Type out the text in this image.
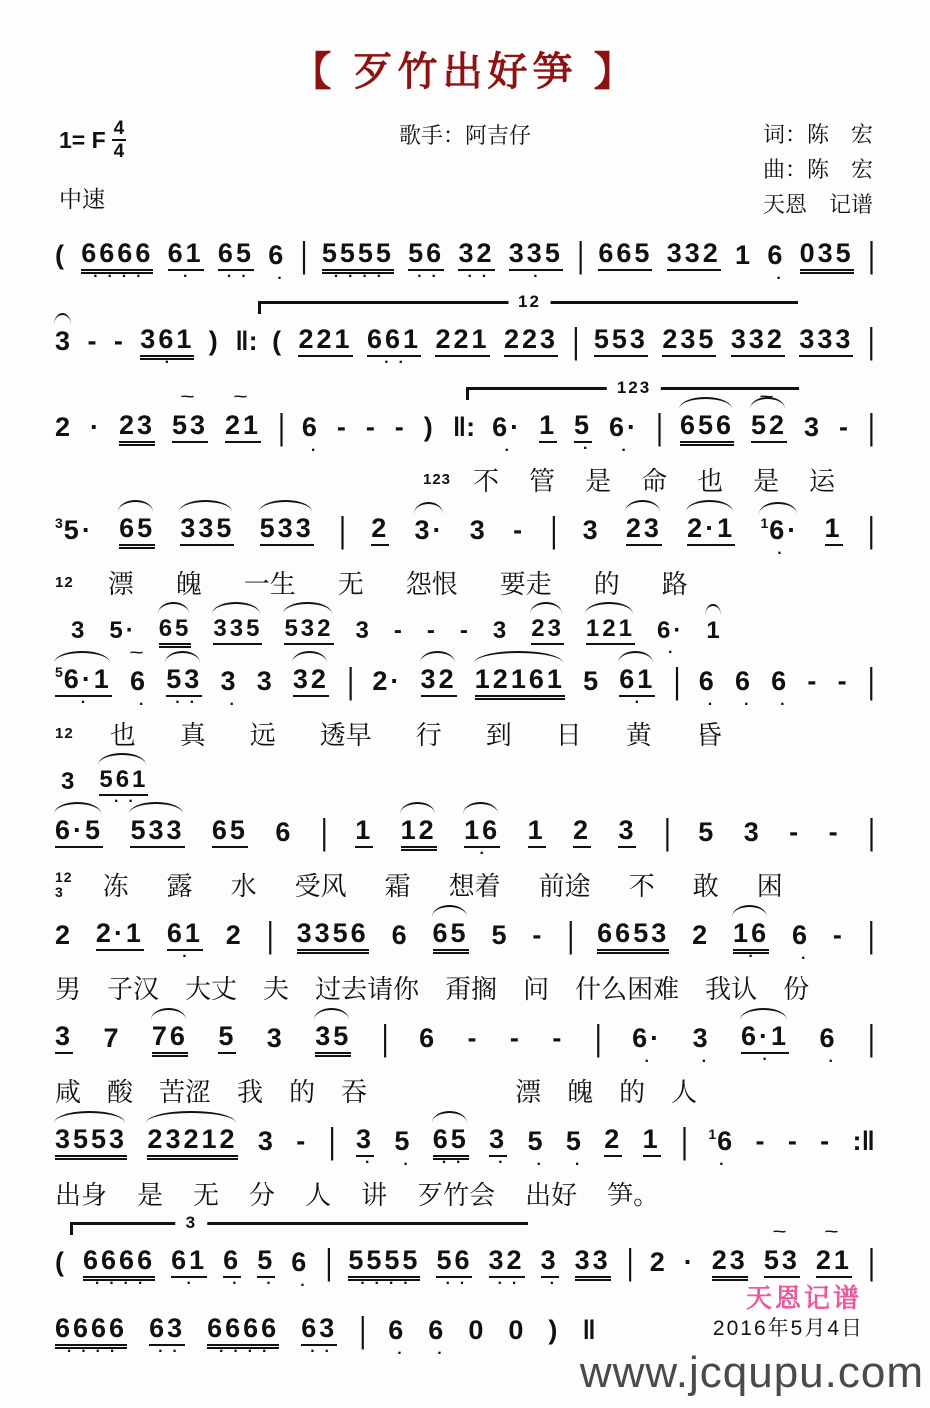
【 歹竹出好笋 】
1= F $\frac{4}{4}$
中速
歌手：阿吉仔	词：陈　宏
曲：陈　宏
天恩　记谱
( 6666
····
61
·
65
··
6
·
| 5555
····
56
··
32
··
335
·
| 665 332 1 6
·
035 |
12
3 - - 361
·
) ‖: ( 221 661
··
221 223 | 553 235 332 333 |
123
2 · 23 53
~
21
~
| 6
·
- - - ) ‖: 6·
·
1 5
·
6·
·
| 656 52
~
3 - |
123 不 管 是 命 也 是 运
$^3$5· 65 335 533 | 2 3· 3 - | 3 23 2·1 $^1$6·
·
1 |
12 漂 魄 一生 无 怨恨 要走 的 路
3 5· 65 335 532 3 - - - 3 23 121 6·
·
1
$^5$6·1
·
6
~
·
53
··
3
·
3 32 | 2· 32 12161 5 61
·
| 6
·
6
·
6
·
- - |
12 也 真 远 透早 行 到 日 黄 昏
3 561
··
6·5 533 65 6 | 1 12 16
·
1 2 3 | 5 3 - - |
12
3	冻 露 水 受风 霜 想着 前途 不 敢 困
2 2·1 61
·
2 | 3356 6 65 5 - | 6653 2 16
·
6
·
- |
男 子汉 大丈 夫 过去请你 甭搁 问 什么困难 我认 份
3 7 76 5 3 35 | 6 - - - | 6·
·
3
·
6·1
·
6
·
|
咸 酸 苦涩 我 的 吞	漂 魄 的 人
3553 23212 3 - | 3
·
5
·
65
··
3
·
5
·
5
·
2 1 | $^1$6
·
- - - :‖
出身 是 无 分 人 讲 歹竹会 出好 笋。
3
( 6666
····
61
·
6
·
5
·
6
·
| 5555
····
56
··
32
··
3
·
33 | 2 · 23 53
~
21
~
|
6666
····
63
··
6666
····
63
··
| 6
·
6
·
0 0 ) ‖
天恩记谱
2016年5月4日
www.jcqupu.com
